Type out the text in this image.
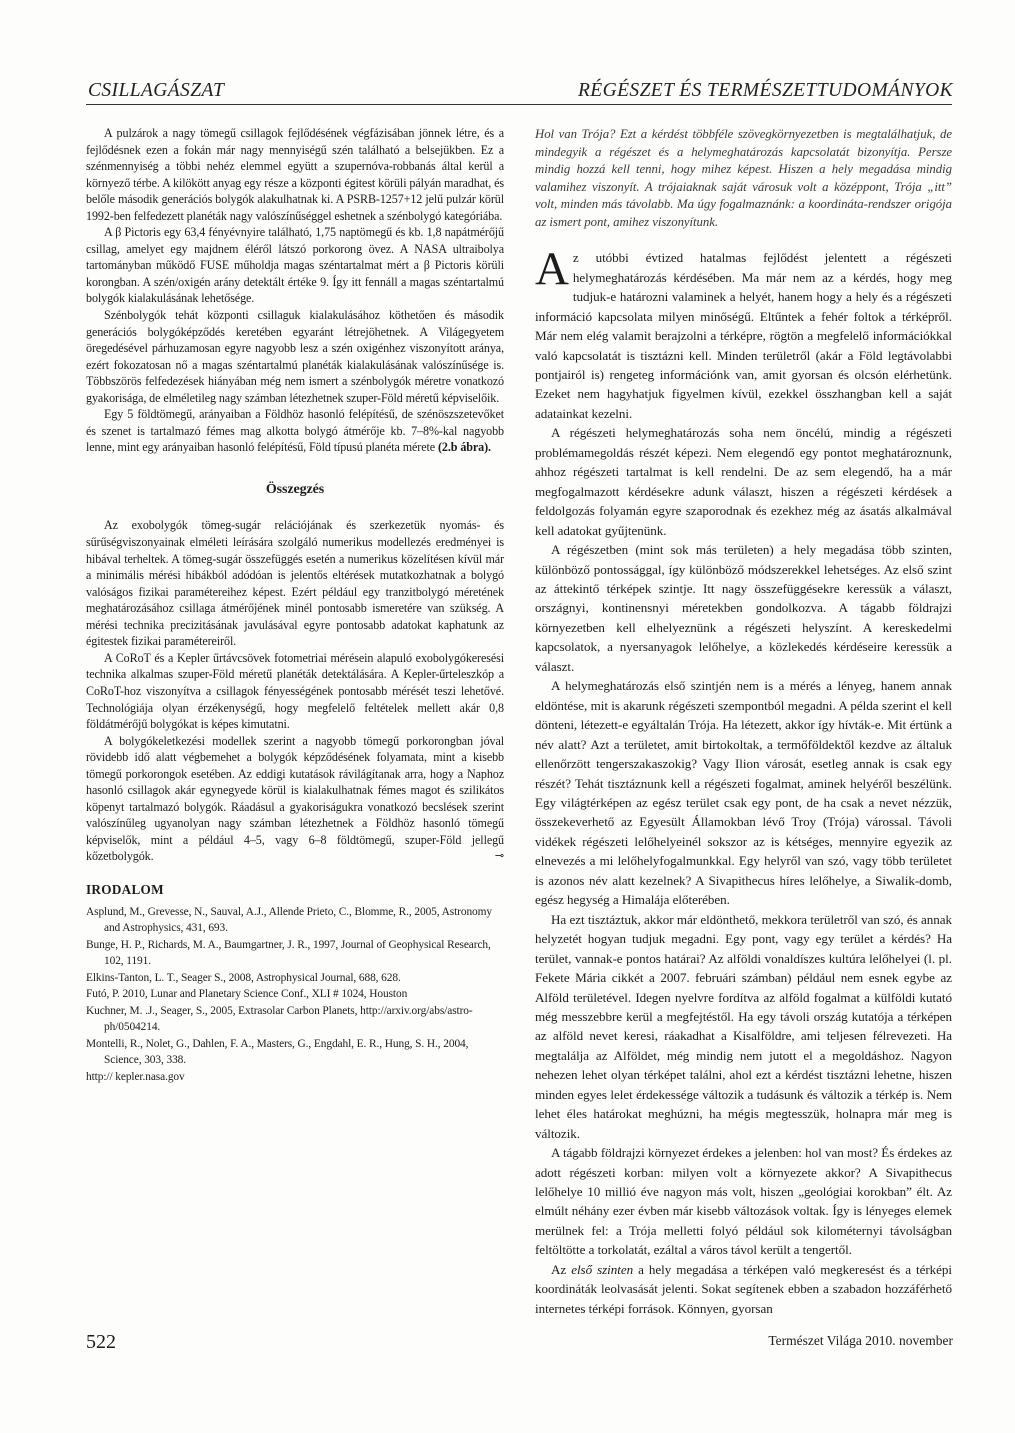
CSILLAGÁSZAT	RÉGÉSZET ÉS TERMÉSZETTUDOMÁNYOK

A pulzárok a nagy tömegű csillagok fejlődésének végfázisában jönnek létre, és a fejlődésnek ezen a fokán már nagy mennyiségű szén található a belsejükben. Ez a szénmennyiség a többi nehéz elemmel együtt a szupernóva-robbanás által kerül a környező térbe. A kilökött anyag egy része a központi égitest körüli pályán maradhat, és belőle második generációs bolygók alakulhatnak ki. A PSRB-1257+12 jelű pulzár körül 1992-ben felfedezett planéták nagy valószínűséggel eshetnek a szénbolygó kategóriába.

A β Pictoris egy 63,4 fényévnyire található, 1,75 naptömegű és kb. 1,8 napátmérőjű csillag, amelyet egy majdnem éléről látszó porkorong övez. A NASA ultraibolya tartományban működő FUSE műholdja magas széntartalmat mért a β Pictoris körüli korongban. A szén/oxigén arány detektált értéke 9. Így itt fennáll a magas széntartalmú bolygók kialakulásának lehetősége.

Szénbolygók tehát központi csillaguk kialakulásához köthetően és második generációs bolygóképződés keretében egyaránt létrejöhetnek. A Világegyetem öregedésével párhuzamosan egyre nagyobb lesz a szén oxigénhez viszonyított aránya, ezért fokozatosan nő a magas széntartalmú planéták kialakulásának valószínűsége is. Többszörös felfedezések hiányában még nem ismert a szénbolygók méretre vonatkozó gyakorisága, de elméletileg nagy számban létezhetnek szuper-Föld méretű képviselőik.

Egy 5 földtömegű, arányaiban a Földhöz hasonló felépítésű, de szénöszszetevőket és szenet is tartalmazó fémes mag alkotta bolygó átmérője kb. 7–8%-kal nagyobb lenne, mint egy arányaiban hasonló felépítésű, Föld típusú planéta mérete (2.b ábra).

Összegzés

Az exobolygók tömeg-sugár relációjának és szerkezetük nyomás- és sűrűségviszonyainak elméleti leírására szolgáló numerikus modellezés eredményei is hibával terheltek. A tömeg-sugár összefüggés esetén a numerikus közelítésen kívül már a minimális mérési hibákból adódóan is jelentős eltérések mutatkozhatnak a bolygó valóságos fizikai paramétereihez képest. Ezért például egy tranzitbolygó méretének meghatározásához csillaga átmérőjének minél pontosabb ismeretére van szükség. A mérési technika precizitásának javulásával egyre pontosabb adatokat kaphatunk az égitestek fizikai paramétereiről.

A CoRoT és a Kepler űrtávcsövek fotometriai mérésein alapuló exobolygókeresési technika alkalmas szuper-Föld méretű planéták detektálására. A Kepler-űrteleszkóp a CoRoT-hoz viszonyítva a csillagok fényességének pontosabb mérését teszi lehetővé. Technológiája olyan érzékenységű, hogy megfelelő feltételek mellett akár 0,8 földátmérőjű bolygókat is képes kimutatni.

A bolygókeletkezési modellek szerint a nagyobb tömegű porkorongban jóval rövidebb idő alatt végbemehet a bolygók képződésének folyamata, mint a kisebb tömegű porkorongok esetében. Az eddigi kutatások rávilágítanak arra, hogy a Naphoz hasonló csillagok akár egynegyede körül is kialakulhatnak fémes magot és szilikátos köpenyt tartalmazó bolygók. Ráadásul a gyakoriságukra vonatkozó becslések szerint valószínűleg ugyanolyan nagy számban létezhetnek a Földhöz hasonló tömegű képviselők, mint a például 4–5, vagy 6–8 földtömegű, szuper-Föld jellegű kőzetbolygók.	⊸

IRODALOM
Asplund, M., Grevesse, N., Sauval, A.J., Allende Prieto, C., Blomme, R., 2005, Astronomy and Astrophysics, 431, 693.
Bunge, H. P., Richards, M. A., Baumgartner, J. R., 1997, Journal of Geophysical Research, 102, 1191.
Elkins-Tanton, L. T., Seager S., 2008, Astrophysical Journal, 688, 628.
Futó, P. 2010, Lunar and Planetary Science Conf., XLI # 1024, Houston
Kuchner, M. .J., Seager, S., 2005, Extrasolar Carbon Planets, http://arxiv.org/abs/astro-ph/0504214.
Montelli, R., Nolet, G., Dahlen, F. A., Masters, G., Engdahl, E. R., Hung, S. H., 2004, Science, 303, 338.
http:// kepler.nasa.gov

Hol van Trója? Ezt a kérdést többféle szövegkörnyezetben is megtalálhatjuk, de mindegyik a régészet és a helymeghatározás kapcsolatát bizonyítja. Persze mindig hozzá kell tenni, hogy mihez képest. Hiszen a hely megadása mindig valamihez viszonyít. A trójaiaknak saját városuk volt a középpont, Trója „itt” volt, minden más távolabb. Ma úgy fogalmaznánk: a koordináta-rendszer origója az ismert pont, amihez viszonyítunk.

Az utóbbi évtized hatalmas fejlődést jelentett a régészeti helymeghatározás kérdésében. Ma már nem az a kérdés, hogy meg tudjuk-e határozni valaminek a helyét, hanem hogy a hely és a régészeti információ kapcsolata milyen minőségű. Eltűntek a fehér foltok a térképről. Már nem elég valamit berajzolni a térképre, rögtön a megfelelő információkkal való kapcsolatát is tisztázni kell. Minden területről (akár a Föld legtávolabbi pontjairól is) rengeteg információnk van, amit gyorsan és olcsón elérhetünk. Ezeket nem hagyhatjuk figyelmen kívül, ezekkel összhangban kell a saját adatainkat kezelni.

A régészeti helymeghatározás soha nem öncélú, mindig a régészeti problémamegoldás részét képezi. Nem elegendő egy pontot meghatároznunk, ahhoz régészeti tartalmat is kell rendelni. De az sem elegendő, ha a már megfogalmazott kérdésekre adunk választ, hiszen a régészeti kérdések a feldolgozás folyamán egyre szaporodnak és ezekhez még az ásatás alkalmával kell adatokat gyűjtenünk.

A régészetben (mint sok más területen) a hely megadása több szinten, különböző pontossággal, így különböző módszerekkel lehetséges. Az első szint az áttekintő térképek szintje. Itt nagy összefüggésekre keressük a választ, országnyi, kontinensnyi méretekben gondolkozva. A tágabb földrajzi környezetben kell elhelyeznünk a régészeti helyszínt. A kereskedelmi kapcsolatok, a nyersanyagok lelőhelye, a közlekedés kérdéseire keressük a választ.

A helymeghatározás első szintjén nem is a mérés a lényeg, hanem annak eldöntése, mit is akarunk régészeti szempontból megadni. A példa szerint el kell dönteni, létezett-e egyáltalán Trója. Ha létezett, akkor így hívták-e. Mit értünk a név alatt? Azt a területet, amit birtokoltak, a termőföldektől kezdve az általuk ellenőrzött tengerszakaszokig? Vagy Ilion városát, esetleg annak is csak egy részét? Tehát tisztáznunk kell a régészeti fogalmat, aminek helyéről beszélünk. Egy világtérképen az egész terület csak egy pont, de ha csak a nevet nézzük, összekeverhető az Egyesült Államokban lévő Troy (Trója) várossal. Távoli vidékek régészeti lelőhelyeinél sokszor az is kétséges, mennyire egyezik az elnevezés a mi lelőhelyfogalmunkkal. Egy helyről van szó, vagy több területet is azonos név alatt kezelnek? A Sivapithecus híres lelőhelye, a Siwalik-domb, egész hegység a Himalája előterében.

Ha ezt tisztáztuk, akkor már eldönthető, mekkora területről van szó, és annak helyzetét hogyan tudjuk megadni. Egy pont, vagy egy terület a kérdés? Ha terület, vannak-e pontos határai? Az alföldi vonaldíszes kultúra lelőhelyei (l. pl. Fekete Mária cikkét a 2007. februári számban) például nem esnek egybe az Alföld területével. Idegen nyelvre fordítva az alföld fogalmat a külföldi kutató még messzebbre kerül a megfejtéstől. Ha egy távoli ország kutatója a térképen az alföld nevet keresi, ráakadhat a Kisalföldre, ami teljesen félrevezeti. Ha megtalálja az Alföldet, még mindig nem jutott el a megoldáshoz. Nagyon nehezen lehet olyan térképet találni, ahol ezt a kérdést tisztázni lehetne, hiszen minden egyes lelet érdekessége változik a tudásunk és változik a térkép is. Nem lehet éles határokat meghúzni, ha mégis megtesszük, holnapra már meg is változik.

A tágabb földrajzi környezet érdekes a jelenben: hol van most? És érdekes az adott régészeti korban: milyen volt a környezete akkor? A Sivapithecus lelőhelye 10 millió éve nagyon más volt, hiszen „geológiai korokban” élt. Az elmúlt néhány ezer évben már kisebb változások voltak. Így is lényeges elemek merülnek fel: a Trója melletti folyó például sok kilométernyi távolságban feltöltötte a torkolatát, ezáltal a város távol került a tengertől.

Az első szinten a hely megadása a térképen való megkeresést és a térképi koordináták leolvasását jelenti. Sokat segítenek ebben a szabadon hozzáférhető internetes térképi források. Könnyen, gyorsan

522	Természet Világa 2010. november
